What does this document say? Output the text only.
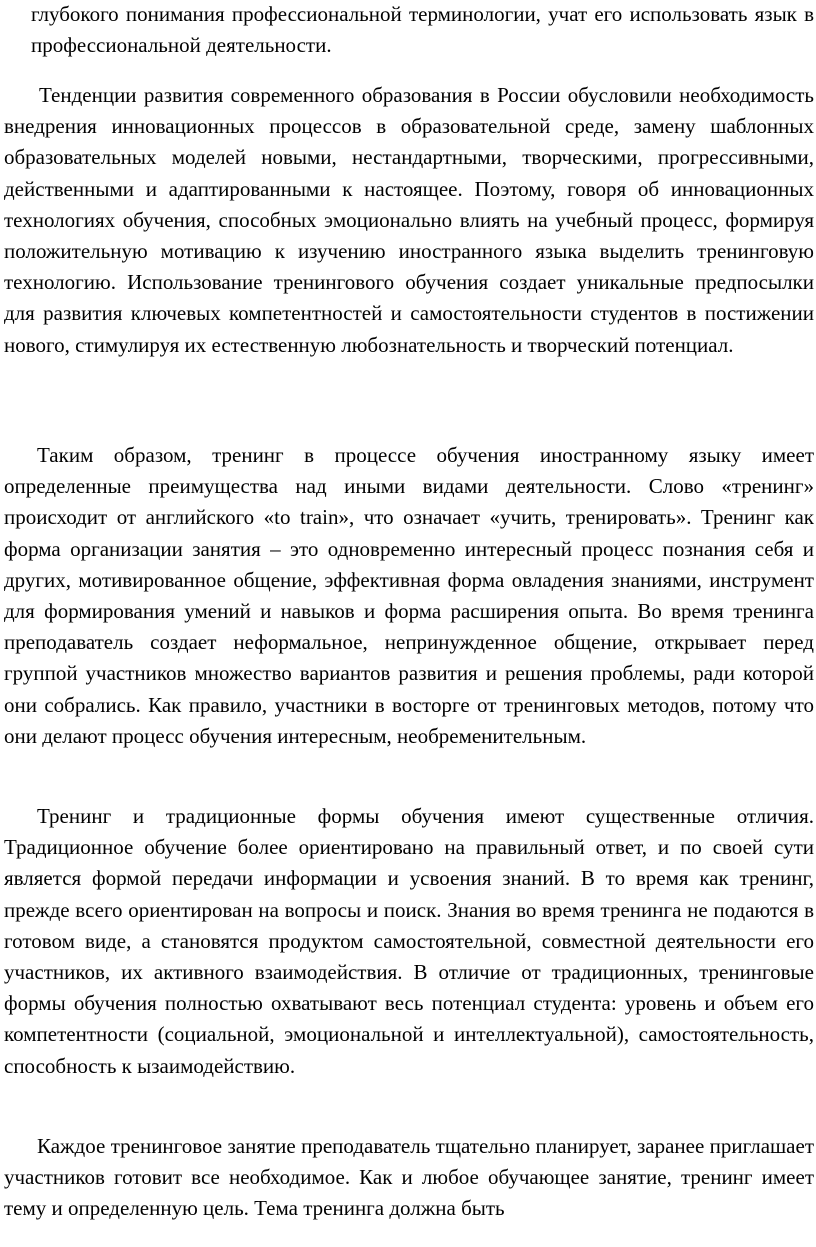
глубокого понимания профессиональной терминологии, учат его использовать язык в профессиональной деятельности.

Тенденции развития современного образования в России обусловили необходимость внедрения инновационных процессов в образовательной среде, замену шаблонных образовательных моделей новыми, нестандартными, творческими, прогрессивными, действенными и адаптированными к настоящее. Поэтому, говоря об инновационных технологиях обучения, способных эмоционально влиять на учебный процесс, формируя положительную мотивацию к изучению иностранного языка выделить тренинговую технологию. Использование тренингового обучения создает уникальные предпосылки для развития ключевых компетентностей и самостоятельности студентов в постижении нового, стимулируя их естественную любознательность и творческий потенциал.

Таким образом, тренинг в процессе обучения иностранному языку имеет определенные преимущества над иными видами деятельности. Слово «тренинг» происходит от английского «to train», что означает «учить, тренировать». Тренинг как форма организации занятия – это одновременно интересный процесс познания себя и других, мотивированное общение, эффективная форма овладения знаниями, инструмент для формирования умений и навыков и форма расширения опыта. Во время тренинга преподаватель создает неформальное, непринужденное общение, открывает перед группой участников множество вариантов развития и решения проблемы, ради которой они собрались. Как правило, участники в восторге от тренинговых методов, потому что они делают процесс обучения интересным, необременительным.

Тренинг и традиционные формы обучения имеют существенные отличия. Традиционное обучение более ориентировано на правильный ответ, и по своей сути является формой передачи информации и усвоения знаний. В то время как тренинг, прежде всего ориентирован на вопросы и поиск. Знания во время тренинга не подаются в готовом виде, а становятся продуктом самостоятельной, совместной деятельности его участников, их активного взаимодействия. В отличие от традиционных, тренинговые формы обучения полностью охватывают весь потенциал студента: уровень и объем его компетентности (социальной, эмоциональной и интеллектуальной), самостоятельность, способность к ызаимодействию.

Каждое тренинговое занятие преподаватель тщательно планирует, заранее приглашает участников готовит все необходимое. Как и любое обучающее занятие, тренинг имеет тему и определенную цель. Тема тренинга должна быть
